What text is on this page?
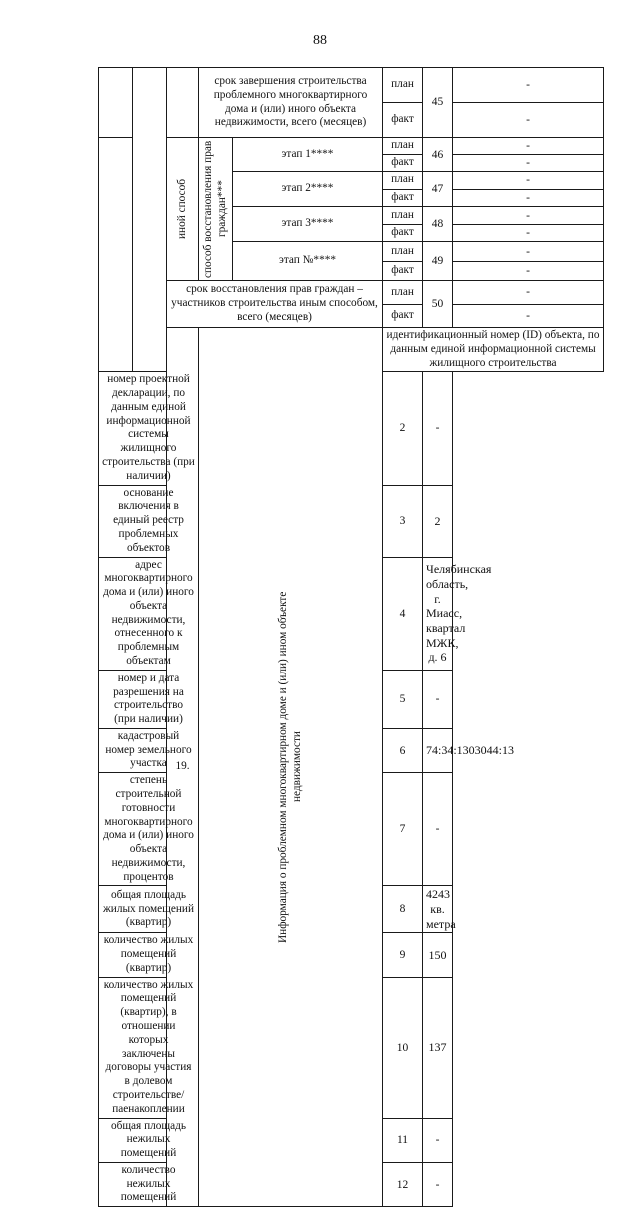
88
			срок завершения строительства проблемного многоквартирного дома и (или) иного объекта недвижимости, всего (месяцев)		план	45	-	
					факт		-	

		иной способ	способ восстановления прав граждан***	этап 1****	план	46	-	
					факт		-	
				этап 2****	план	47	-	
					факт		-	
				этап 3****	план	48	-	
					факт		-	
				этап №****	план	49	-	
					факт		-	
		срок восстановления прав граждан – участников строительства иным способом, всего (месяцев)			план	50	-	
					факт		-	
		19.	Информация о проблемном многоквартирном доме и (или) ином объекте недвижимости		идентификационный номер (ID) объекта, по данным единой информационной системы жилищного строительства		
номер проектной декларации, по данным единой информационной системы жилищного строительства (при наличии)					2	-		
основание включения в единый реестр проблемных объектов					3	2		
адрес многоквартирного дома и (или) иного объекта недвижимости, отнесенного к проблемным объектам					4	Челябинская область, г. Миасс, квартал МЖК, д. 6		
номер и дата разрешения на строительство (при наличии)					5	-		
кадастровый номер земельного участка					6	74:34:1303044:13		
степень строительной готовности многоквартирного дома и (или) иного объекта недвижимости, процентов					7	-		
общая площадь жилых помещений (квартир)					8	4243 кв. метра		
количество жилых помещений (квартир)					9	150		
количество жилых помещений (квартир), в отношении которых заключены договоры участия в долевом строительстве/паенакоплении					10	137		
общая площадь нежилых помещений					11	-		
количество нежилых помещений					12	-		
